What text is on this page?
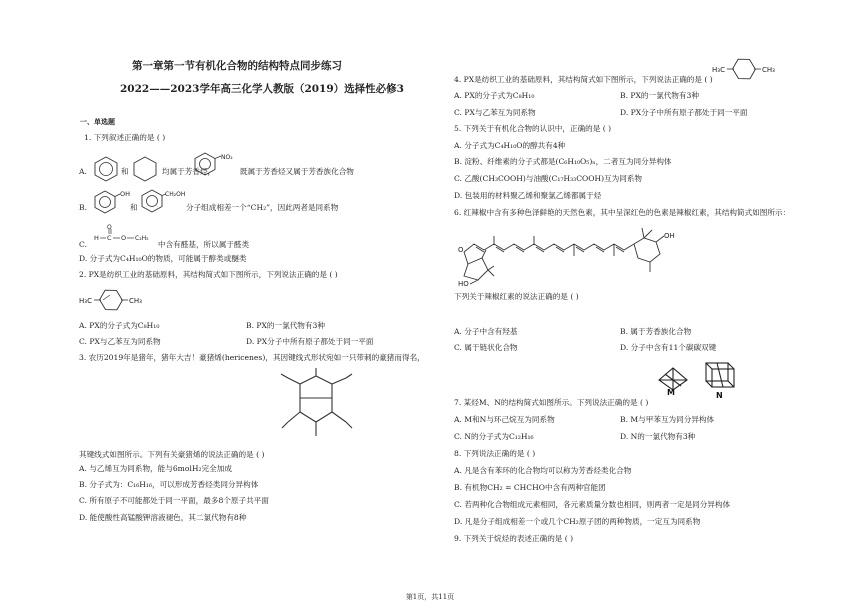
第一章第一节有机化合物的结构特点同步练习
2022——2023学年高三化学人教版（2019）选择性必修3
一、单选题
1. 下列叙述正确的是 ( )
A.	和	均属于芳香烃，
NO₂
既属于芳香烃又属于芳香族化合物
B.
OH
和
CH₂OH
分子组成相差一个“CH₂”，因此两者是同系物
C.
H C
O
O C₂H₅
中含有醛基，所以属于醛类
D. 分子式为C₄H₁₀O的物质，可能属于醇类或醚类
2. PX是纺织工业的基础原料，其结构简式如下图所示，下列说法正确的是 ( )
H₃C	CH₃
A. PX的分子式为C₈H₁₀	B. PX的一氯代物有3种
C. PX与乙苯互为同系物	D. PX分子中所有原子都处于同一平面
3. 农历2019年是猪年，猪年大吉！豪猪烯(hericenes)，其因键线式形状宛如一只带刺的豪猪而得名，
其键线式如图所示。下列有关豪猪烯的说法正确的是 ( )
A. 与乙烯互为同系物，能与6molH₂完全加成
B. 分子式为：C₁₆H₁₆，可以形成芳香烃类同分异构体
C. 所有原子不可能都处于同一平面，最多8个原子共平面
D. 能使酸性高锰酸钾溶液褪色，其二氯代物有8种
H₃C	CH₃
4. PX是纺织工业的基础原料，其结构简式如下图所示，下列说法正确的是 ( )
A. PX的分子式为C₈H₁₀	B. PX的一氯代物有3种
C. PX与乙苯互为同系物	D. PX分子中所有原子都处于同一平面
5. 下列关于有机化合物的认识中，正确的是 ( )
A. 分子式为C₄H₁₀O的醇共有4种
B. 淀粉、纤维素的分子式都是(C₆H₁₀O₅)ₙ，二者互为同分异构体
C. 乙酸(CH₃COOH)与油酸(C₁₇H₃₃COOH)互为同系物
D. 包装用的材料聚乙烯和聚氯乙烯都属于烃
6. 红辣椒中含有多种色泽鲜艳的天然色素，其中呈深红色的色素是辣椒红素，其结构简式如图所示：
O
HO
OH
下列关于辣椒红素的说法正确的是 ( )
A. 分子中含有羟基	B. 属于芳香族化合物
C. 属于链状化合物	D. 分子中含有11个碳碳双键
M	N
7. 某烃M、N的结构简式如图所示。下列说法正确的是 ( )
A. M和N与环己烷互为同系物	B. M与甲苯互为同分异构体
C. N的分子式为C₁₂H₁₆	D. N的一氯代物有3种
8. 下列说法正确的是 ( )
A. 凡是含有苯环的化合物均可以称为芳香烃类化合物
B. 有机物CH₂ = CHCHO中含有两种官能团
C. 若两种化合物组成元素相同，各元素质量分数也相同，则两者一定是同分异构体
D. 凡是分子组成相差一个或几个CH₂原子团的两种物质，一定互为同系物
9. 下列关于烷烃的表述正确的是 ( )
第1页，共11页
